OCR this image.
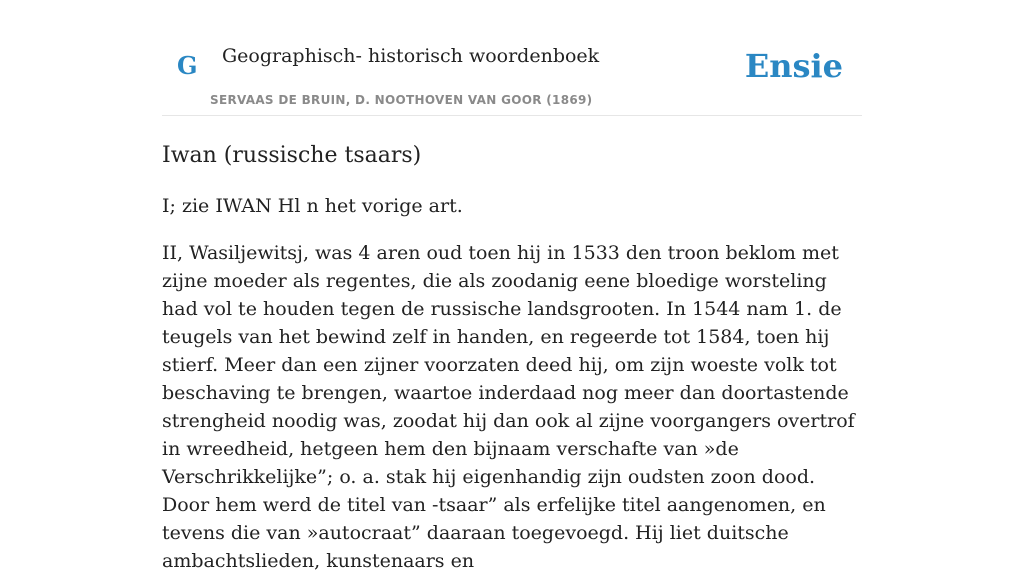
G Geographisch- historisch woordenboek
SERVAAS DE BRUIN, D. NOOTHOVEN VAN GOOR (1869)
Ensie
Iwan (russische tsaars)

I; zie IWAN Hl n het vorige art.

II, Wasiljewitsj, was 4 aren oud toen hij in 1533 den troon beklom met zijne moeder als regentes, die als zoodanig eene bloedige worsteling had vol te houden tegen de russische landsgrooten. In 1544 nam 1. de teugels van het bewind zelf in handen, en regeerde tot 1584, toen hij stierf. Meer dan een zijner voorzaten deed hij, om zijn woeste volk tot beschaving te brengen, waartoe inderdaad nog meer dan doortastende strengheid noodig was, zoodat hij dan ook al zijne voorgangers overtrof in wreedheid, hetgeen hem den bijnaam verschafte van »de Verschrikkelijke”; o. a. stak hij eigenhandig zijn oudsten zoon dood. Door hem werd de titel van -tsaar” als erfelijke titel aangenomen, en tevens die van »autocraat” daaraan toegevoegd. Hij liet duitsche ambachtslieden, kunstenaars en
